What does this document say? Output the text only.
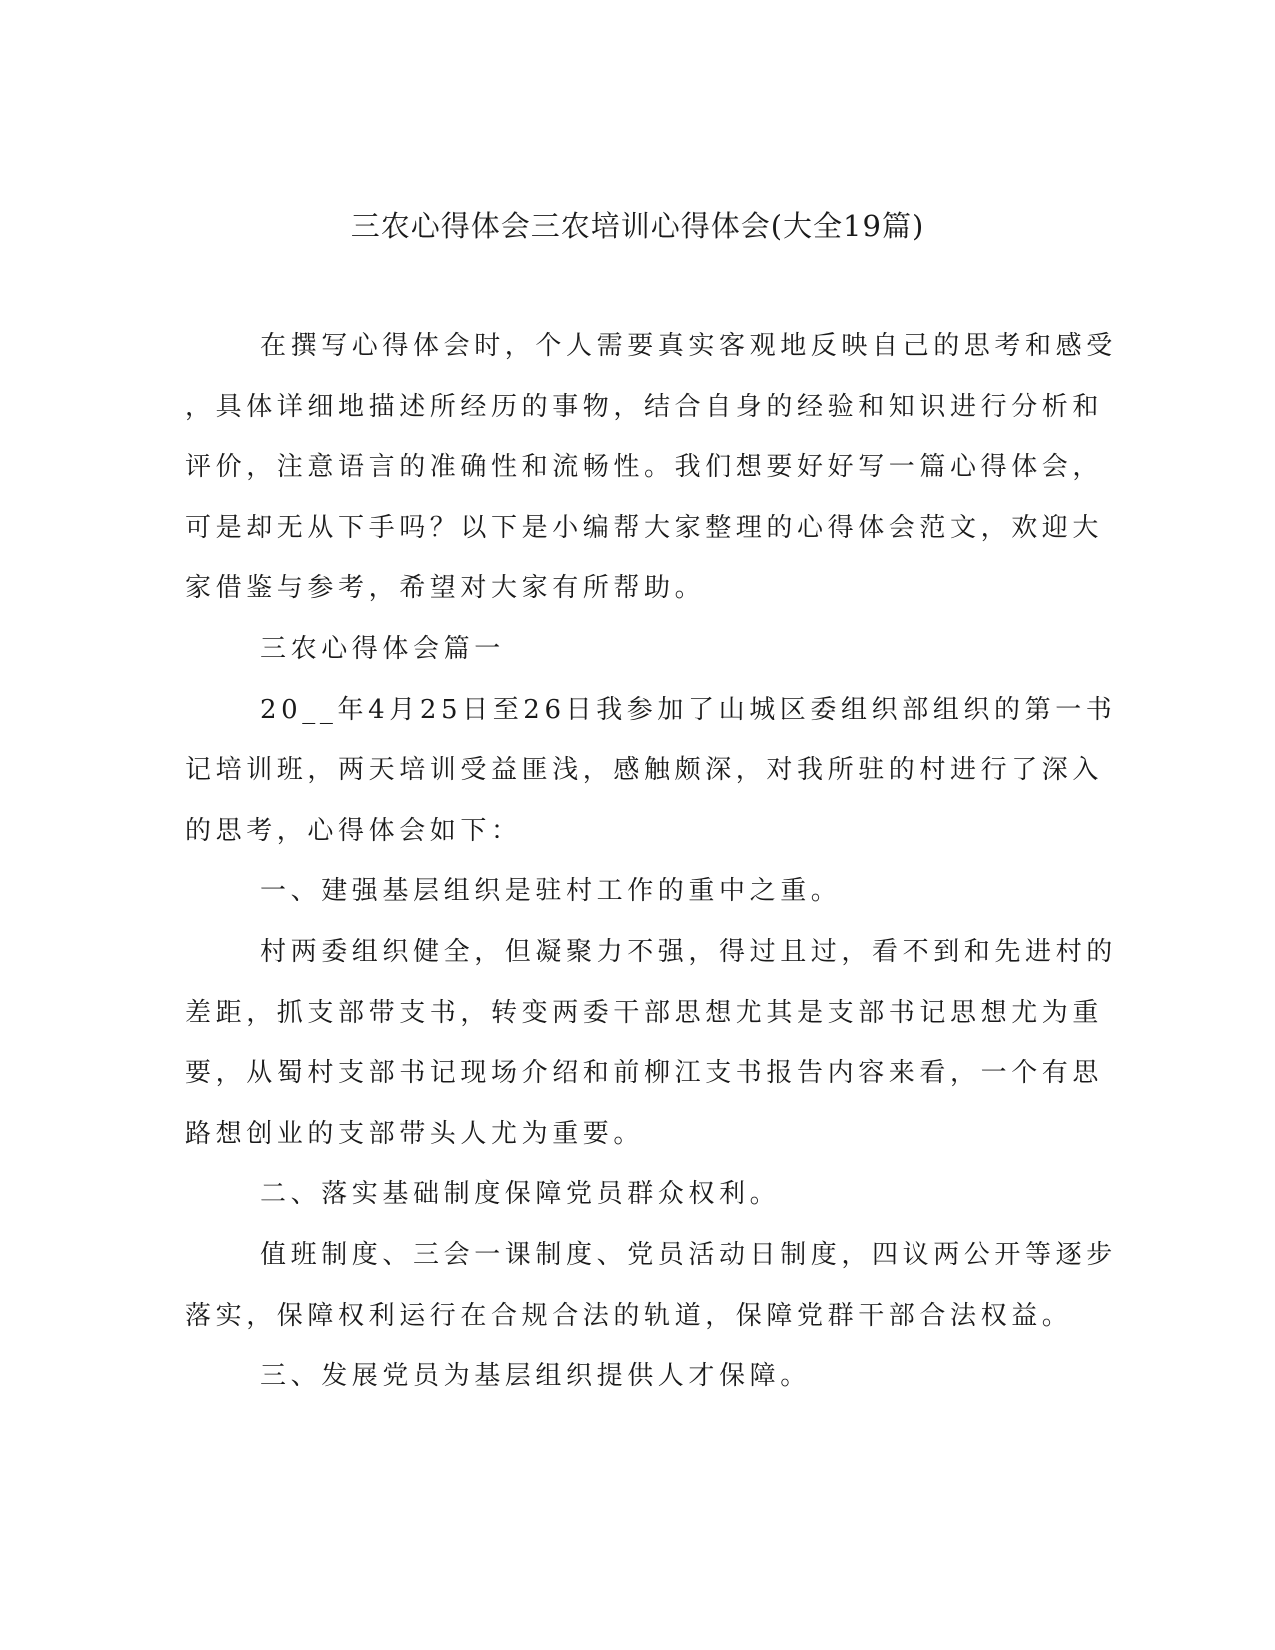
三农心得体会三农培训心得体会(大全19篇)
在撰写心得体会时，个人需要真实客观地反映自己的思考和感受
，具体详细地描述所经历的事物，结合自身的经验和知识进行分析和
评价，注意语言的准确性和流畅性。我们想要好好写一篇心得体会，
可是却无从下手吗？以下是小编帮大家整理的心得体会范文，欢迎大
家借鉴与参考，希望对大家有所帮助。
三农心得体会篇一
20__年4月25日至26日我参加了山城区委组织部组织的第一书
记培训班，两天培训受益匪浅，感触颇深，对我所驻的村进行了深入
的思考，心得体会如下：
一、建强基层组织是驻村工作的重中之重。
村两委组织健全，但凝聚力不强，得过且过，看不到和先进村的
差距，抓支部带支书，转变两委干部思想尤其是支部书记思想尤为重
要，从蜀村支部书记现场介绍和前柳江支书报告内容来看，一个有思
路想创业的支部带头人尤为重要。
二、落实基础制度保障党员群众权利。
值班制度、三会一课制度、党员活动日制度，四议两公开等逐步
落实，保障权利运行在合规合法的轨道，保障党群干部合法权益。
三、发展党员为基层组织提供人才保障。
